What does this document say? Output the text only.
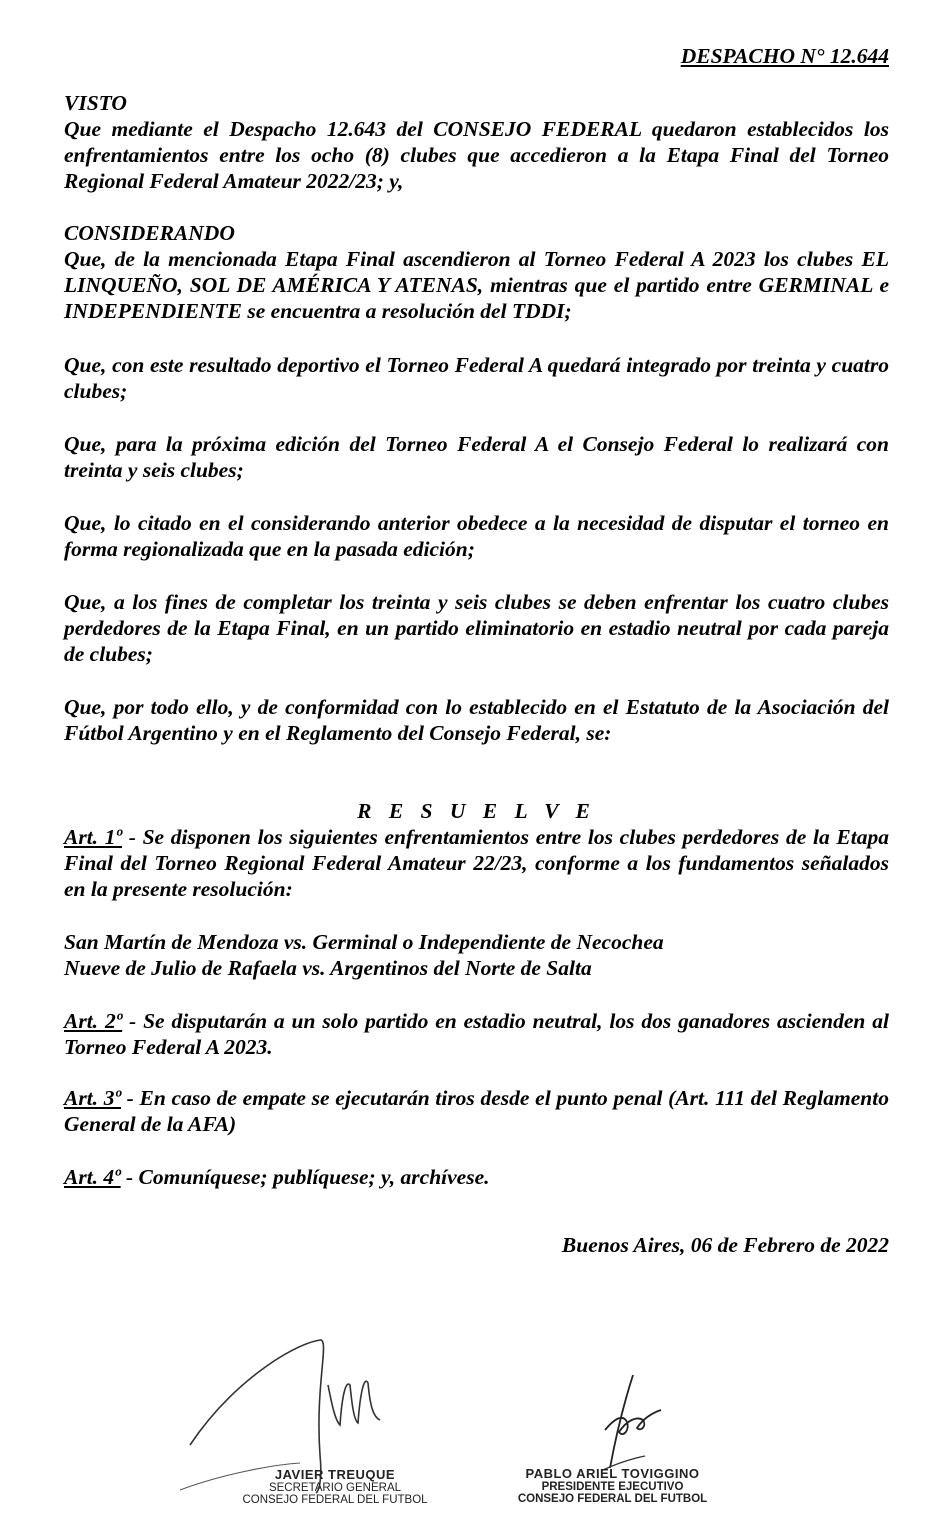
DESPACHO N° 12.644

VISTO

Que mediante el Despacho 12.643 del CONSEJO FEDERAL quedaron establecidos los enfrentamientos entre los ocho (8) clubes que accedieron a la Etapa Final del Torneo Regional Federal Amateur 2022/23; y,

CONSIDERANDO

Que, de la mencionada Etapa Final ascendieron al Torneo Federal A 2023 los clubes EL LINQUEÑO, SOL DE AMÉRICA Y ATENAS, mientras que el partido entre GERMINAL e INDEPENDIENTE se encuentra a resolución del TDDI;

Que, con este resultado deportivo el Torneo Federal A quedará integrado por treinta y cuatro clubes;
Que, para la próxima edición del Torneo Federal A el Consejo Federal lo realizará con treinta y seis clubes;
Que, lo citado en el considerando anterior obedece a la necesidad de disputar el torneo en forma regionalizada que en la pasada edición;
Que, a los fines de completar los treinta y seis clubes se deben enfrentar los cuatro clubes perdedores de la Etapa Final, en un partido eliminatorio en estadio neutral por cada pareja de clubes;
Que, por todo ello, y de conformidad con lo establecido en el Estatuto de la Asociación del Fútbol Argentino y en el Reglamento del Consejo Federal, se:
R E S U E L V E
Art. 1º - Se disponen los siguientes enfrentamientos entre los clubes perdedores de la Etapa Final del Torneo Regional Federal Amateur 22/23, conforme a los fundamentos señalados en la presente resolución:
San Martín de Mendoza vs. Germinal o Independiente de Necochea
Nueve de Julio de Rafaela vs. Argentinos del Norte de Salta
Art. 2º - Se disputarán a un solo partido en estadio neutral, los dos ganadores ascienden al Torneo Federal A 2023.
Art. 3º - En caso de empate se ejecutarán tiros desde el punto penal (Art. 111 del Reglamento General de la AFA)
Art. 4º - Comuníquese; publíquese; y, archívese.
Buenos Aires, 06 de Febrero de 2022
JAVIER TREUQUE
SECRETARIO GENERAL
CONSEJO FEDERAL DEL FUTBOL
PABLO ARIEL TOVIGGINO
PRESIDENTE EJECUTIVO
CONSEJO FEDERAL DEL FUTBOL
